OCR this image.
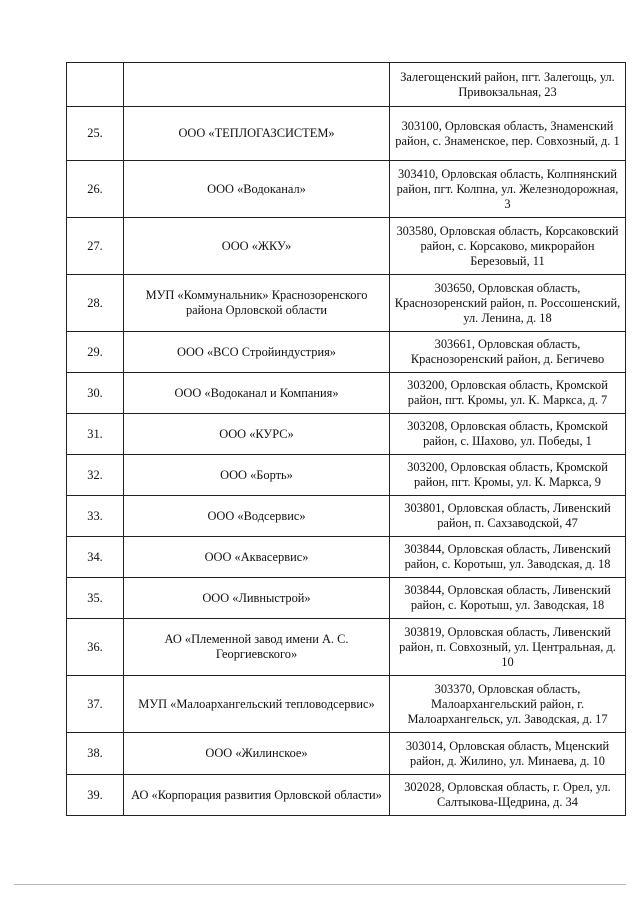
		Залегощенский район, пгт. Залегощь, ул. Привокзальная, 23
25.	ООО «ТЕПЛОГАЗСИСТЕМ»	303100, Орловская область, Знаменский район, с. Знаменское, пер. Совхозный, д. 1
26.	ООО «Водоканал»	303410, Орловская область, Колпнянский район, пгт. Колпна, ул. Железнодорожная, 3
27.	ООО «ЖКУ»	303580, Орловская область, Корсаковский район, с. Корсаково, микрорайон Березовый, 11
28.	МУП «Коммунальник» Краснозоренского района Орловской области	303650, Орловская область, Краснозоренский район, п. Россошенский, ул. Ленина, д. 18
29.	ООО «ВСО Стройиндустрия»	303661, Орловская область, Краснозоренский район, д. Бегичево
30.	ООО «Водоканал и Компания»	303200, Орловская область, Кромской район, пгт. Кромы, ул. К. Маркса, д. 7
31.	ООО «КУРС»	303208, Орловская область, Кромской район, с. Шахово, ул. Победы, 1
32.	ООО «Борть»	303200, Орловская область, Кромской район, пгт. Кромы, ул. К. Маркса, 9
33.	ООО «Водсервис»	303801, Орловская область, Ливенский район, п. Сахзаводской, 47
34.	ООО «Аквасервис»	303844, Орловская область, Ливенский район, с. Коротыш, ул. Заводская, д. 18
35.	ООО «Ливныстрой»	303844, Орловская область, Ливенский район, с. Коротыш, ул. Заводская, 18
36.	АО «Племенной завод имени А. С. Георгиевского»	303819, Орловская область, Ливенский район, п. Совхозный, ул. Центральная, д. 10
37.	МУП «Малоархангельский тепловодсервис»	303370, Орловская область, Малоархангельский район, г. Малоархангельск, ул. Заводская, д. 17
38.	ООО «Жилинское»	303014, Орловская область, Мценский район, д. Жилино, ул. Минаева, д. 10
39.	АО «Корпорация развития Орловской области»	302028, Орловская область, г. Орел, ул. Салтыкова-Щедрина, д. 34
